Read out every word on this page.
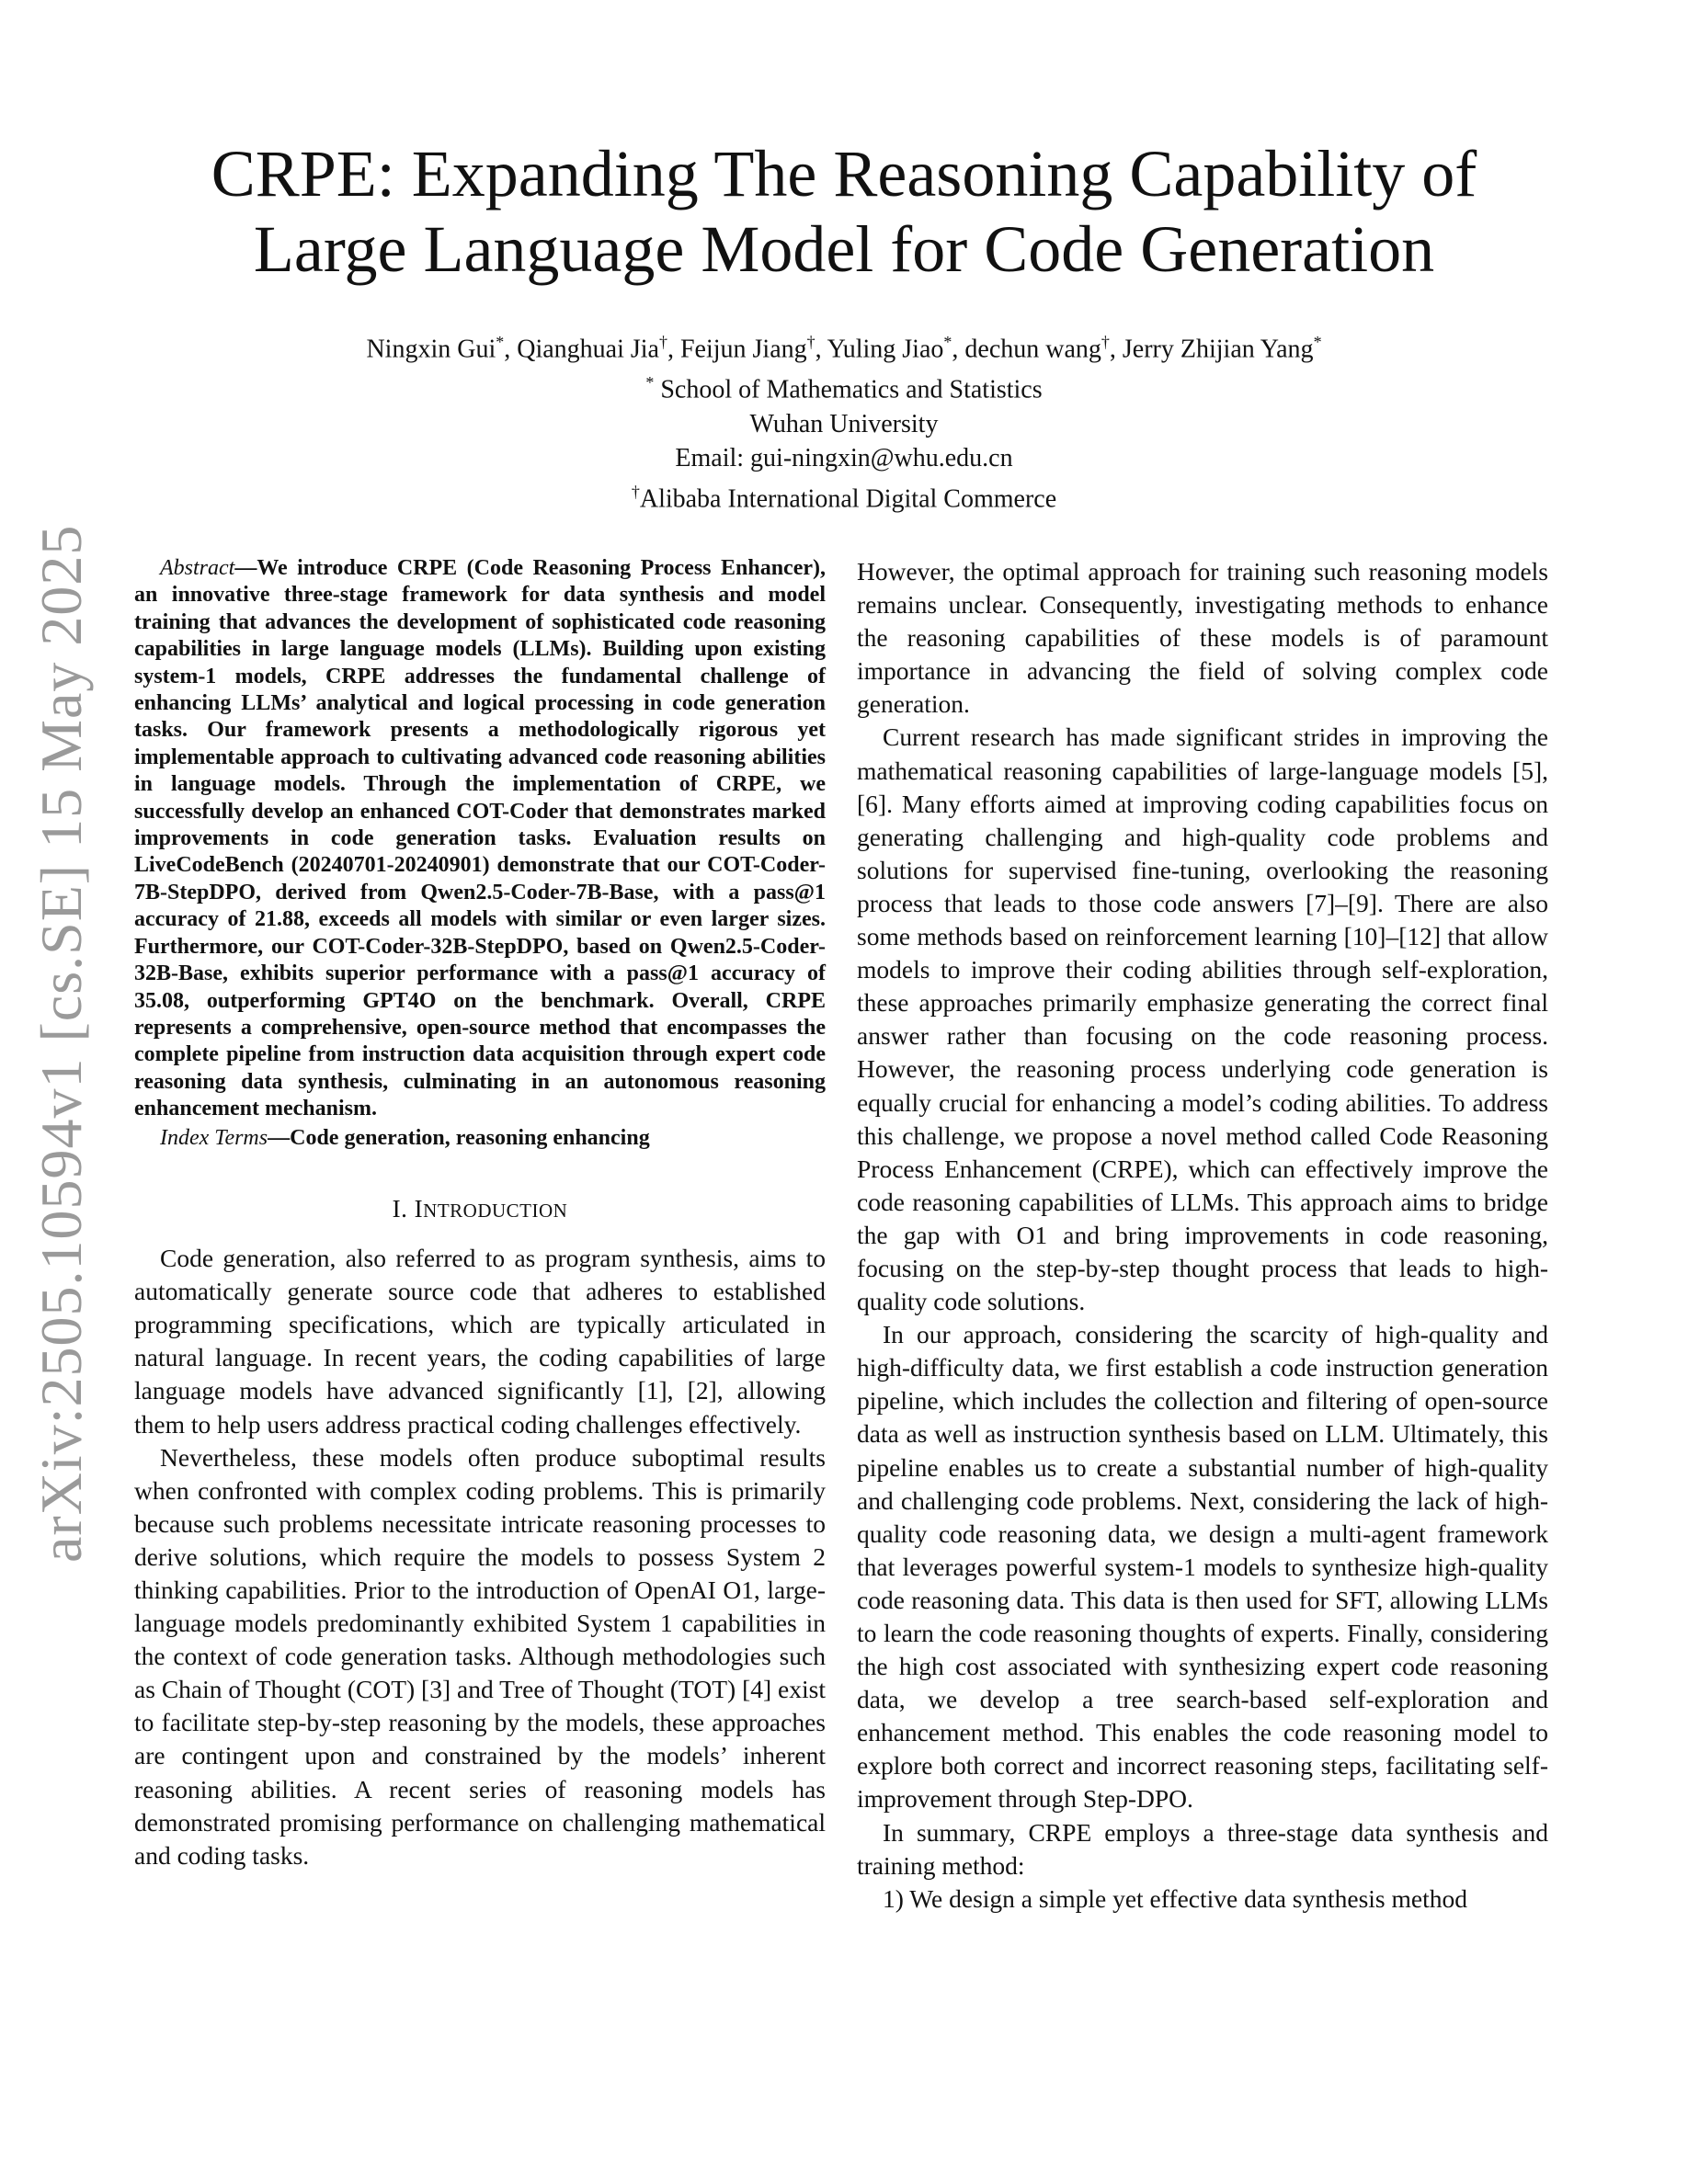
arXiv:2505.10594v1 [cs.SE] 15 May 2025
CRPE: Expanding The Reasoning Capability of
Large Language Model for Code Generation
Ningxin Gui*, Qianghuai Jia†, Feijun Jiang†, Yuling Jiao*, dechun wang†, Jerry Zhijian Yang*
* School of Mathematics and Statistics
Wuhan University
Email: gui-ningxin@whu.edu.cn
†Alibaba International Digital Commerce

Abstract—We introduce CRPE (Code Reasoning Process Enhancer), an innovative three-stage framework for data synthesis and model training that advances the development of sophisticated code reasoning capabilities in large language models (LLMs). Building upon existing system-1 models, CRPE addresses the fundamental challenge of enhancing LLMs’ analytical and logical processing in code generation tasks. Our framework presents a methodologically rigorous yet implementable approach to cultivating advanced code reasoning abilities in language models. Through the implementation of CRPE, we successfully develop an enhanced COT-Coder that demonstrates marked improvements in code generation tasks. Evaluation results on LiveCodeBench (20240701-20240901) demonstrate that our COT-Coder-7B-StepDPO, derived from Qwen2.5-Coder-7B-Base, with a pass@1 accuracy of 21.88, exceeds all models with similar or even larger sizes. Furthermore, our COT-Coder-32B-StepDPO, based on Qwen2.5-Coder-32B-Base, exhibits superior performance with a pass@1 accuracy of 35.08, outperforming GPT4O on the benchmark. Overall, CRPE represents a comprehensive, open-source method that encompasses the complete pipeline from instruction data acquisition through expert code reasoning data synthesis, culminating in an autonomous reasoning enhancement mechanism.

Index Terms—Code generation, reasoning enhancing

I. INTRODUCTION

Code generation, also referred to as program synthesis, aims to automatically generate source code that adheres to established programming specifications, which are typically articulated in natural language. In recent years, the coding capabilities of large language models have advanced significantly [1], [2], allowing them to help users address practical coding challenges effectively.

Nevertheless, these models often produce suboptimal results when confronted with complex coding problems. This is primarily because such problems necessitate intricate reasoning processes to derive solutions, which require the models to possess System 2 thinking capabilities. Prior to the introduction of OpenAI O1, large-language models predominantly exhibited System 1 capabilities in the context of code generation tasks. Although methodologies such as Chain of Thought (COT) [3] and Tree of Thought (TOT) [4] exist to facilitate step-by-step reasoning by the models, these approaches are contingent upon and constrained by the models’ inherent reasoning abilities. A recent series of reasoning models has demonstrated promising performance on challenging mathematical and coding tasks.

However, the optimal approach for training such reasoning models remains unclear. Consequently, investigating methods to enhance the reasoning capabilities of these models is of paramount importance in advancing the field of solving complex code generation.

Current research has made significant strides in improving the mathematical reasoning capabilities of large-language models [5], [6]. Many efforts aimed at improving coding capabilities focus on generating challenging and high-quality code problems and solutions for supervised fine-tuning, overlooking the reasoning process that leads to those code answers [7]–[9]. There are also some methods based on reinforcement learning [10]–[12] that allow models to improve their coding abilities through self-exploration, these approaches primarily emphasize generating the correct final answer rather than focusing on the code reasoning process. However, the reasoning process underlying code generation is equally crucial for enhancing a model’s coding abilities. To address this challenge, we propose a novel method called Code Reasoning Process Enhancement (CRPE), which can effectively improve the code reasoning capabilities of LLMs. This approach aims to bridge the gap with O1 and bring improvements in code reasoning, focusing on the step-by-step thought process that leads to high-quality code solutions.

In our approach, considering the scarcity of high-quality and high-difficulty data, we first establish a code instruction generation pipeline, which includes the collection and filtering of open-source data as well as instruction synthesis based on LLM. Ultimately, this pipeline enables us to create a substantial number of high-quality and challenging code problems. Next, considering the lack of high-quality code reasoning data, we design a multi-agent framework that leverages powerful system-1 models to synthesize high-quality code reasoning data. This data is then used for SFT, allowing LLMs to learn the code reasoning thoughts of experts. Finally, considering the high cost associated with synthesizing expert code reasoning data, we develop a tree search-based self-exploration and enhancement method. This enables the code reasoning model to explore both correct and incorrect reasoning steps, facilitating self-improvement through Step-DPO.

In summary, CRPE employs a three-stage data synthesis and training method:

1) We design a simple yet effective data synthesis method
